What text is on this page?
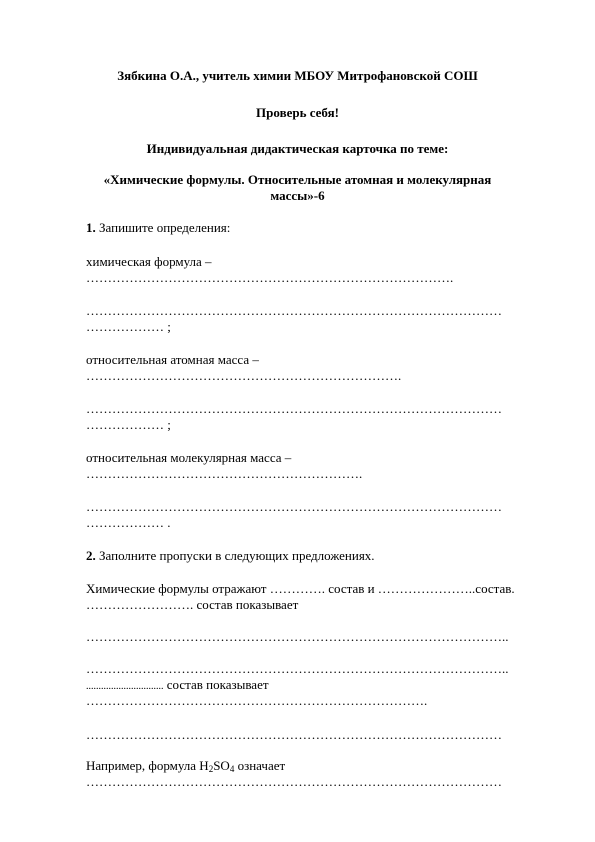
Зябкина О.А., учитель химии МБОУ Митрофановской СОШ

Проверь себя!

Индивидуальная дидактическая карточка по теме:

«Химические формулы. Относительные атомная и молекулярная

массы»-6

1. Запишите определения:

химическая формула –

………………………………………………………………………….

……………………………………………………………………………………

……………… ;

относительная атомная масса –

……………………………………………………………….

……………………………………………………………………………………

……………… ;

относительная молекулярная масса –

……………………………………………………….

……………………………………………………………………………………

……………… .

2. Заполните пропуски в следующих предложениях.

Химические формулы отражают …………. состав и …………………..состав.

……………………. состав показывает

……………………………………………………………………………………..

……………………………………………………………………………………..

............................... состав показывает

…………………………………………………………………….

……………………………………………………………………………………

Например, формула $H_2SO_4$ означает

……………………………………………………………………………………
